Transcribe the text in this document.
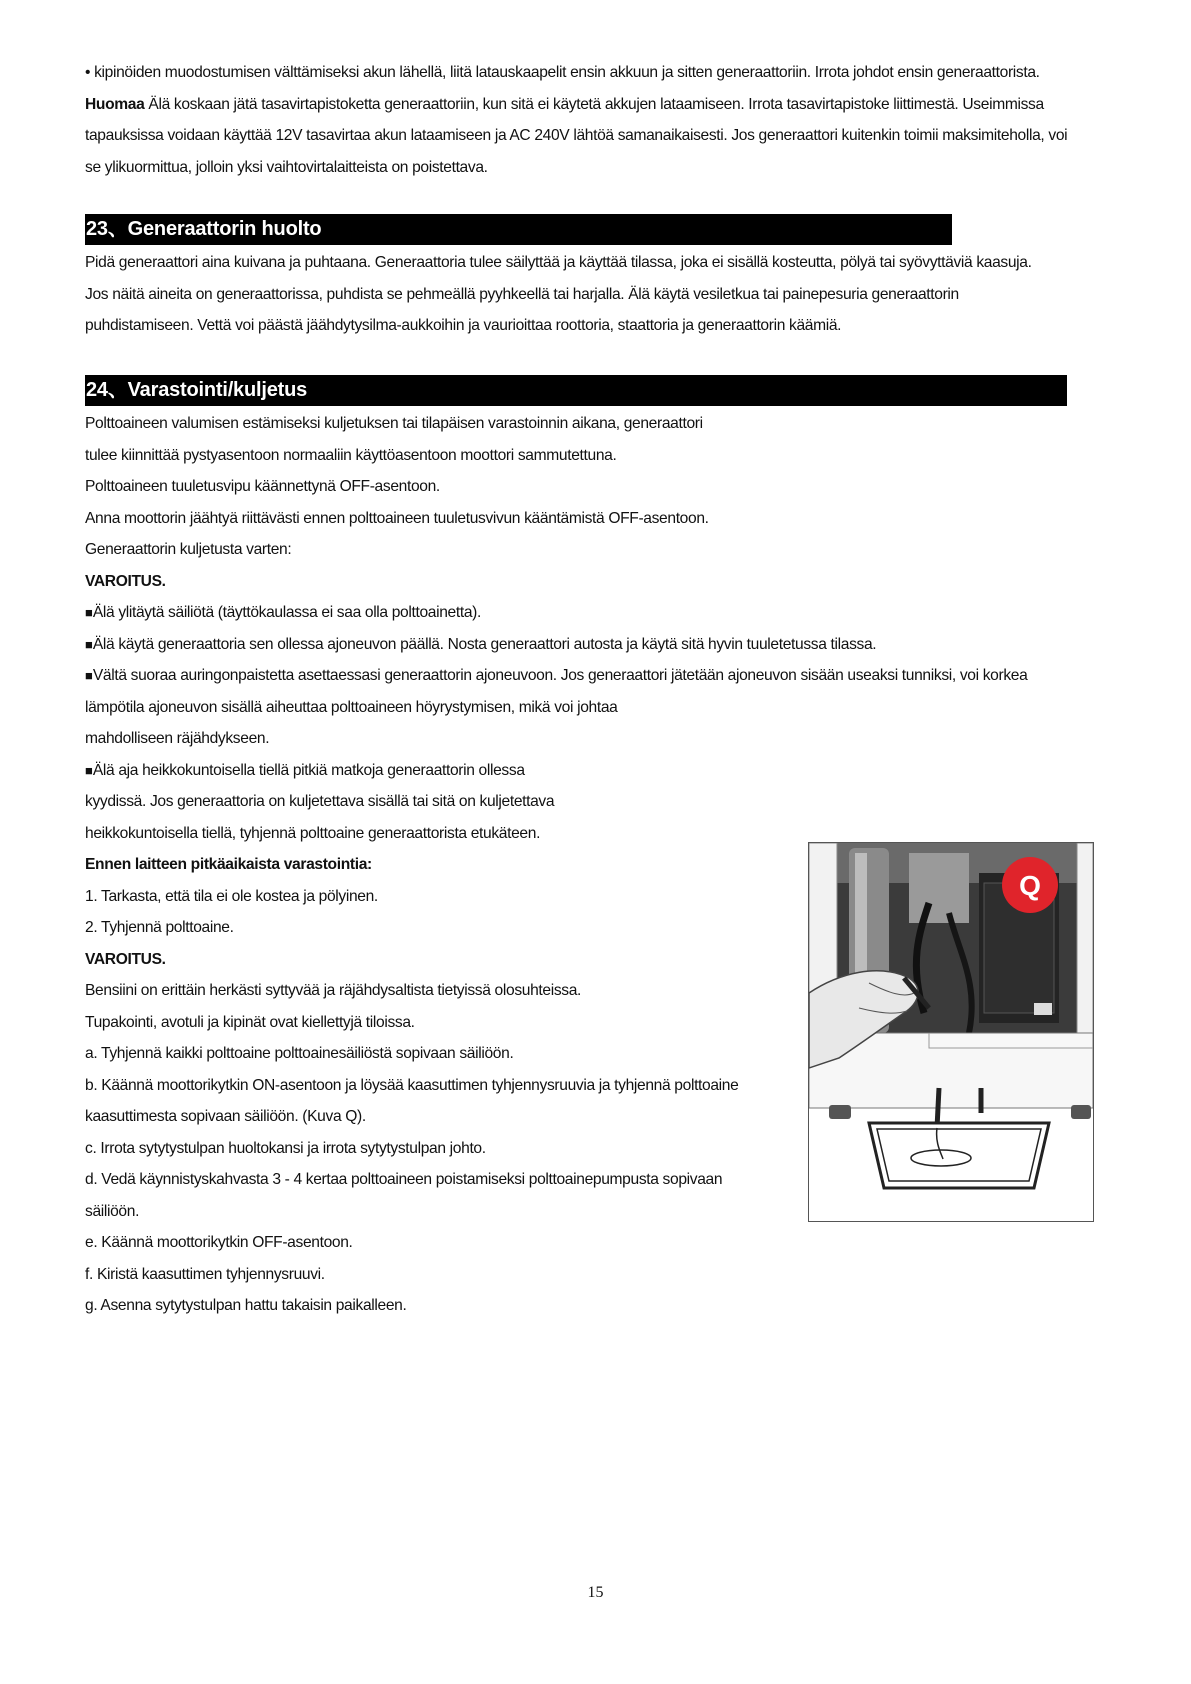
• kipinöiden muodostumisen välttämiseksi akun lähellä, liitä latauskaapelit ensin akkuun ja sitten generaattoriin. Irrota johdot ensin generaattorista.
Huomaa Älä koskaan jätä tasavirtapistoketta generaattoriin, kun sitä ei käytetä akkujen lataamiseen. Irrota tasavirtapistoke liittimestä. Useimmissa
tapauksissa voidaan käyttää 12V tasavirtaa akun lataamiseen ja AC 240V lähtöä samanaikaisesti. Jos generaattori kuitenkin toimii maksimiteholla, voi
se ylikuormittua, jolloin yksi vaihtovirtalaitteista on poistettava.
23、Generaattorin huolto
Pidä generaattori aina kuivana ja puhtaana. Generaattoria tulee säilyttää ja käyttää tilassa, joka ei sisällä kosteutta, pölyä tai syövyttäviä kaasuja.
Jos näitä aineita on generaattorissa, puhdista se pehmeällä pyyhkeellä tai harjalla. Älä käytä vesiletkua tai painepesuria generaattorin
puhdistamiseen. Vettä voi päästä jäähdytysilma-aukkoihin ja vaurioittaa roottoria, staattoria ja generaattorin käämiä.
24、Varastointi/kuljetus
Polttoaineen valumisen estämiseksi kuljetuksen tai tilapäisen varastoinnin aikana, generaattori
tulee kiinnittää pystyasentoon normaaliin käyttöasentoon moottori sammutettuna.
Polttoaineen tuuletusvipu käännettynä OFF-asentoon.
Anna moottorin jäähtyä riittävästi ennen polttoaineen tuuletusvivun kääntämistä OFF-asentoon.
Generaattorin kuljetusta varten:
VAROITUS.
■Älä ylitäytä säiliötä (täyttökaulassa ei saa olla polttoainetta).
■Älä käytä generaattoria sen ollessa ajoneuvon päällä. Nosta generaattori autosta ja käytä sitä hyvin tuuletetussa tilassa.
■Vältä suoraa auringonpaistetta asettaessasi generaattorin ajoneuvoon. Jos generaattori jätetään ajoneuvon sisään useaksi tunniksi, voi korkea
lämpötila ajoneuvon sisällä aiheuttaa polttoaineen höyrystymisen, mikä voi johtaa
mahdolliseen räjähdykseen.
■Älä aja heikkokuntoisella tiellä pitkiä matkoja generaattorin ollessa
kyydissä. Jos generaattoria on kuljetettava sisällä tai sitä on kuljetettava
heikkokuntoisella tiellä, tyhjennä polttoaine generaattorista etukäteen.
Ennen laitteen pitkäaikaista varastointia:
1. Tarkasta, että tila ei ole kostea ja pölyinen.
2. Tyhjennä polttoaine.
VAROITUS.
Bensiini on erittäin herkästi syttyvää ja räjähdysaltista tietyissä olosuhteissa.
Tupakointi, avotuli ja kipinät ovat kiellettyjä tiloissa.
a. Tyhjennä kaikki polttoaine polttoainesäiliöstä sopivaan säiliöön.
b. Käännä moottorikytkin ON-asentoon ja löysää kaasuttimen tyhjennysruuvia ja tyhjennä polttoaine
kaasuttimesta sopivaan säiliöön. (Kuva Q).
c. Irrota sytytystulpan huoltokansi ja irrota sytytystulpan johto.
d. Vedä käynnistyskahvasta 3 - 4 kertaa polttoaineen poistamiseksi polttoainepumpusta sopivaan
säiliöön.
e. Käännä moottorikytkin OFF-asentoon.
f. Kiristä kaasuttimen tyhjennysruuvi.
g. Asenna sytytystulpan hattu takaisin paikalleen.
Q
15
